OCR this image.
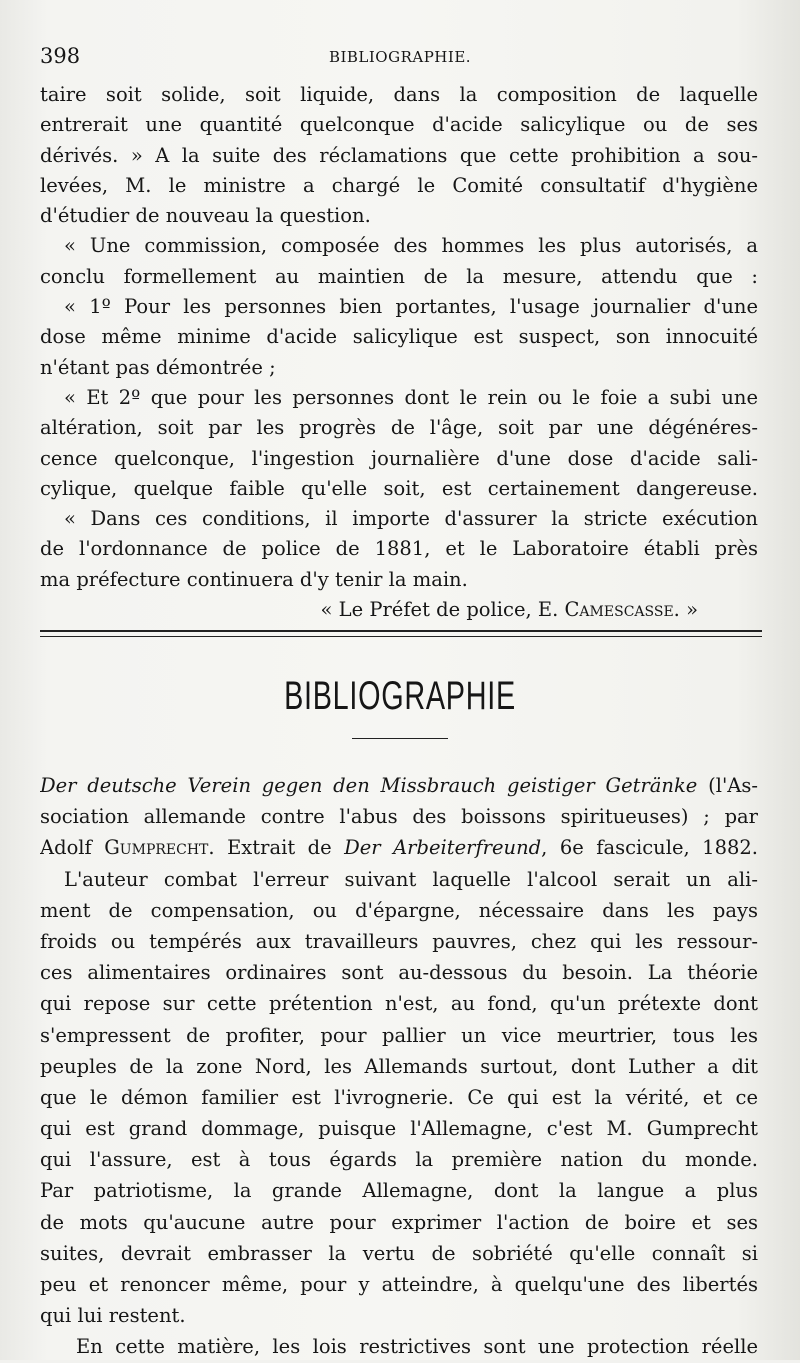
398	BIBLIOGRAPHIE.
taire soit solide, soit liquide, dans la composition de laquelle
entrerait une quantité quelconque d'acide salicylique ou de ses
dérivés. » A la suite des réclamations que cette prohibition a sou-
levées, M. le ministre a chargé le Comité consultatif d'hygiène
d'étudier de nouveau la question.
« Une commission, composée des hommes les plus autorisés, a
conclu formellement au maintien de la mesure, attendu que :
« 1º Pour les personnes bien portantes, l'usage journalier d'une
dose même minime d'acide salicylique est suspect, son innocuité
n'étant pas démontrée ;
« Et 2º que pour les personnes dont le rein ou le foie a subi une
altération, soit par les progrès de l'âge, soit par une dégénéres-
cence quelconque, l'ingestion journalière d'une dose d'acide sali-
cylique, quelque faible qu'elle soit, est certainement dangereuse.
« Dans ces conditions, il importe d'assurer la stricte exécution
de l'ordonnance de police de 1881, et le Laboratoire établi près
ma préfecture continuera d'y tenir la main.
« Le Préfet de police, E. Camescasse. »
BIBLIOGRAPHIE
Der deutsche Verein gegen den Missbrauch geistiger Getränke (l'As-
sociation allemande contre l'abus des boissons spiritueuses) ; par
Adolf Gumprecht. Extrait de Der Arbeiterfreund, 6e fascicule, 1882.
L'auteur combat l'erreur suivant laquelle l'alcool serait un ali-
ment de compensation, ou d'épargne, nécessaire dans les pays
froids ou tempérés aux travailleurs pauvres, chez qui les ressour-
ces alimentaires ordinaires sont au-dessous du besoin. La théorie
qui repose sur cette prétention n'est, au fond, qu'un prétexte dont
s'empressent de profiter, pour pallier un vice meurtrier, tous les
peuples de la zone Nord, les Allemands surtout, dont Luther a dit
que le démon familier est l'ivrognerie. Ce qui est la vérité, et ce
qui est grand dommage, puisque l'Allemagne, c'est M. Gumprecht
qui l'assure, est à tous égards la première nation du monde.
Par patriotisme, la grande Allemagne, dont la langue a plus
de mots qu'aucune autre pour exprimer l'action de boire et ses
suites, devrait embrasser la vertu de sobriété qu'elle connaît si
peu et renoncer même, pour y atteindre, à quelqu'une des libertés
qui lui restent.
En cette matière, les lois restrictives sont une protection réelle
